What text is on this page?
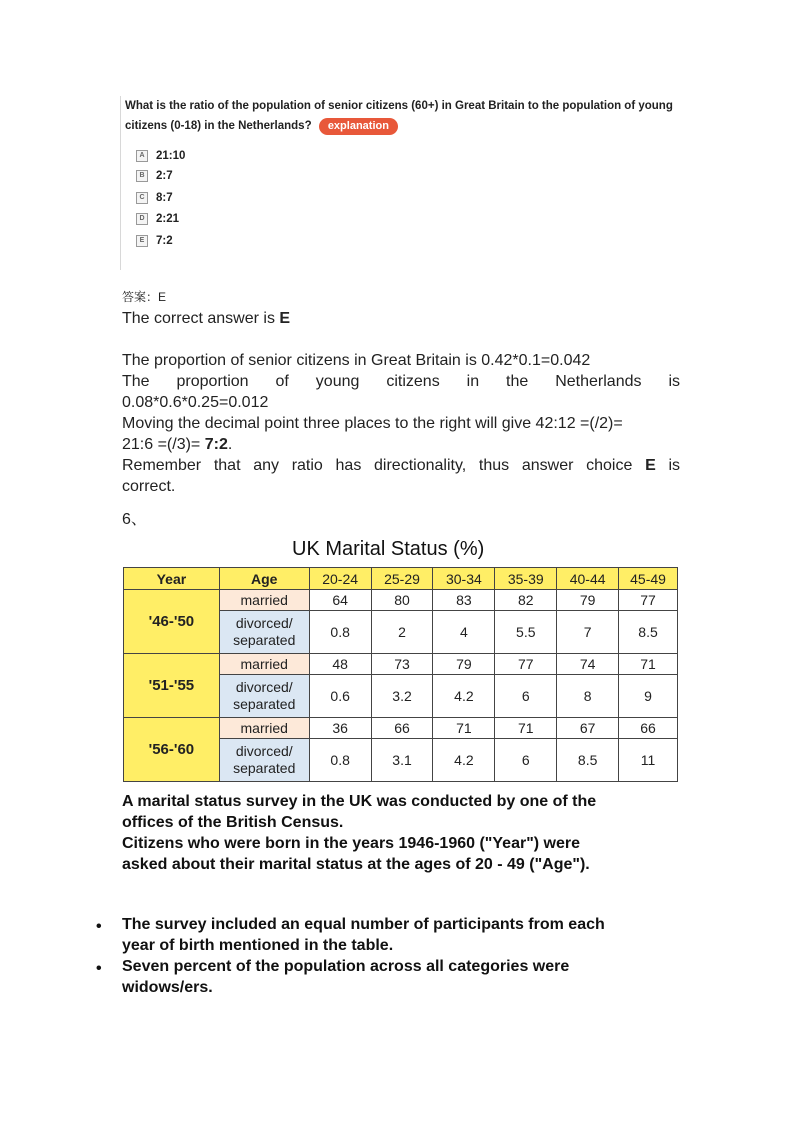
What is the ratio of the population of senior citizens (60+) in Great Britain to the population of young citizens (0-18) in the Netherlands? explanation
A 21:10
B 2:7
C 8:7
D 2:21
E 7:2
答案：E
The correct answer is E
The proportion of senior citizens in Great Britain is 0.42*0.1=0.042
The proportion of young citizens in the Netherlands is
0.08*0.6*0.25=0.012
Moving the decimal point three places to the right will give 42:12 =(/2)=
21:6 =(/3)= 7:2.
Remember that any ratio has directionality, thus answer choice E is
correct.
6、
UK Marital Status (%)
Year	Age	20-24	25-29	30-34	35-39	40-44	45-49
'46-'50	married	64	80	83	82	79	77
	divorced/
separated	0.8	2	4	5.5	7	8.5
'51-'55	married	48	73	79	77	74	71
	divorced/
separated	0.6	3.2	4.2	6	8	9
'56-'60	married	36	66	71	71	67	66
	divorced/
separated	0.8	3.1	4.2	6	8.5	11
A marital status survey in the UK was conducted by one of the
offices of the British Census.
Citizens who were born in the years 1946-1960 ("Year") were
asked about their marital status at the ages of 20 - 49 ("Age").
• The survey included an equal number of participants from each
year of birth mentioned in the table.
• Seven percent of the population across all categories were
widows/ers.
